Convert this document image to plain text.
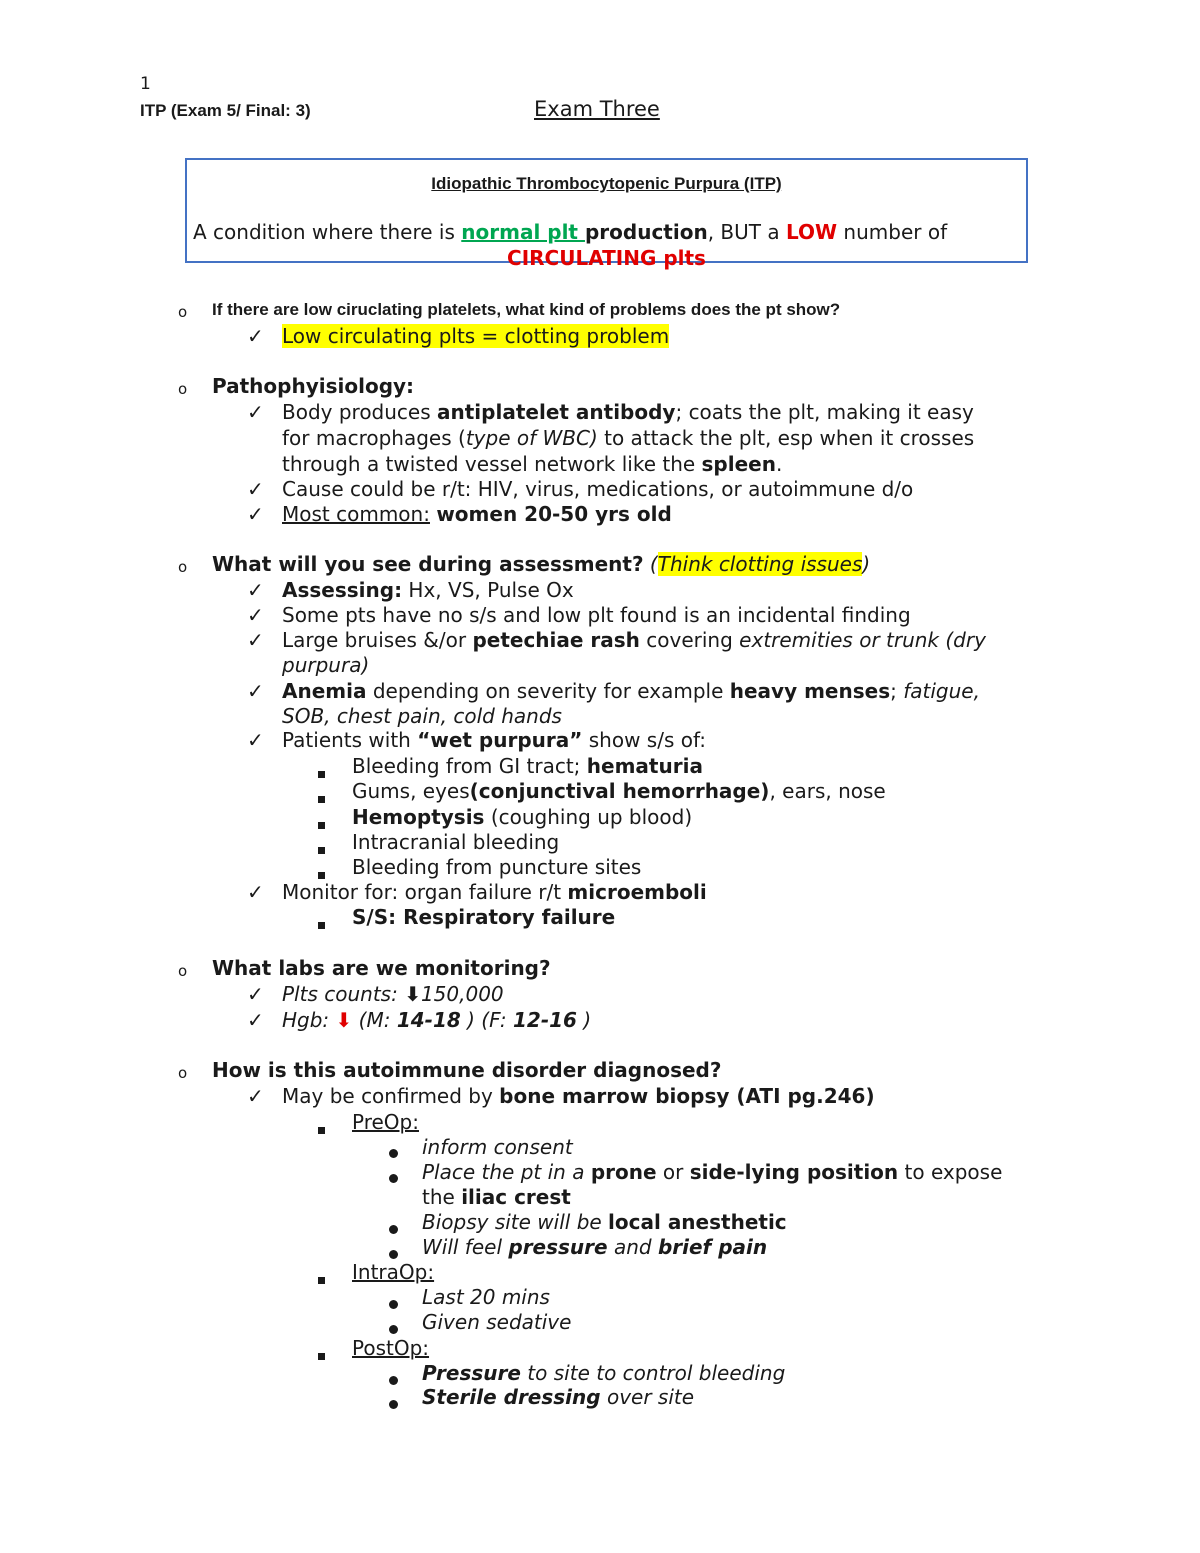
1
ITP (Exam 5/ Final: 3)	Exam Three
Idiopathic Thrombocytopenic Purpura (ITP)
A condition where there is normal plt production, BUT a LOW number of
CIRCULATING plts
o If there are low ciruclating platelets, what kind of problems does the pt show?
✓ Low circulating plts = clotting problem
o Pathophyisiology:
✓ Body produces antiplatelet antibody; coats the plt, making it easy
for macrophages (type of WBC) to attack the plt, esp when it crosses
through a twisted vessel network like the spleen.
✓ Cause could be r/t: HIV, virus, medications, or autoimmune d/o
✓ Most common: women 20-50 yrs old
o What will you see during assessment? (Think clotting issues)
✓ Assessing: Hx, VS, Pulse Ox
✓ Some pts have no s/s and low plt found is an incidental finding
✓ Large bruises &/or petechiae rash covering extremities or trunk (dry
purpura)
✓ Anemia depending on severity for example heavy menses; fatigue,
SOB, chest pain, cold hands
✓ Patients with “wet purpura” show s/s of:
Bleeding from GI tract; hematuria
Gums, eyes(conjunctival hemorrhage), ears, nose
Hemoptysis (coughing up blood)
Intracranial bleeding
Bleeding from puncture sites
✓ Monitor for: organ failure r/t microemboli
S/S: Respiratory failure
o What labs are we monitoring?
✓ Plts counts: ⬇150,000
✓ Hgb: ⬇ (M: 14-18 ) (F: 12-16 )
o How is this autoimmune disorder diagnosed?
✓ May be confirmed by bone marrow biopsy (ATI pg.246)
PreOp:
inform consent
Place the pt in a prone or side-lying position to expose
the iliac crest
Biopsy site will be local anesthetic
Will feel pressure and brief pain
IntraOp:
Last 20 mins
Given sedative
PostOp:
Pressure to site to control bleeding
Sterile dressing over site
